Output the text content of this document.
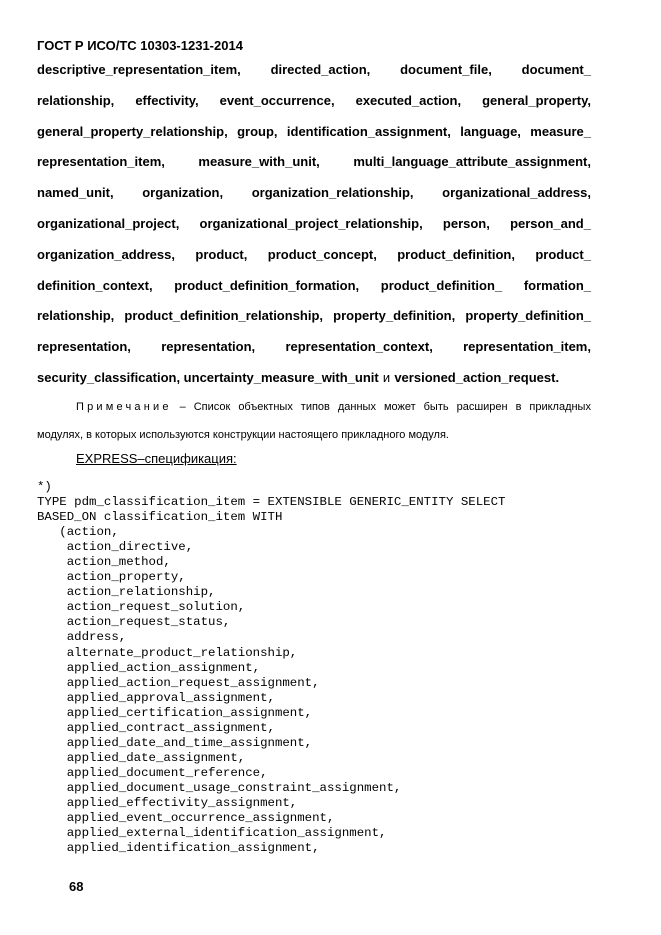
ГОСТ Р ИСО/ТС 10303-1231-2014
descriptive_representation_item, directed_action, document_file, document_
relationship, effectivity, event_occurrence, executed_action, general_property,
general_property_relationship, group, identification_assignment, language, measure_
representation_item,	measure_with_unit,	multi_language_attribute_assignment,
named_unit, organization, organization_relationship, organizational_address,
organizational_project, organizational_project_relationship, person, person_and_
organization_address, product, product_concept, product_definition, product_
definition_context, product_definition_formation, product_definition_ formation_
relationship, product_definition_relationship, property_definition, property_definition_
representation, representation, representation_context, representation_item,
security_classification, uncertainty_measure_with_unit и versioned_action_request.
Примечание – Список объектных типов данных может быть расширен в прикладных
модулях, в которых используются конструкции настоящего прикладного модуля.
EXPRESS–спецификация:
*)
TYPE pdm_classification_item = EXTENSIBLE GENERIC_ENTITY SELECT
BASED_ON classification_item WITH
(action,
action_directive,
action_method,
action_property,
action_relationship,
action_request_solution,
action_request_status,
address,
alternate_product_relationship,
applied_action_assignment,
applied_action_request_assignment,
applied_approval_assignment,
applied_certification_assignment,
applied_contract_assignment,
applied_date_and_time_assignment,
applied_date_assignment,
applied_document_reference,
applied_document_usage_constraint_assignment,
applied_effectivity_assignment,
applied_event_occurrence_assignment,
applied_external_identification_assignment,
applied_identification_assignment,
68
